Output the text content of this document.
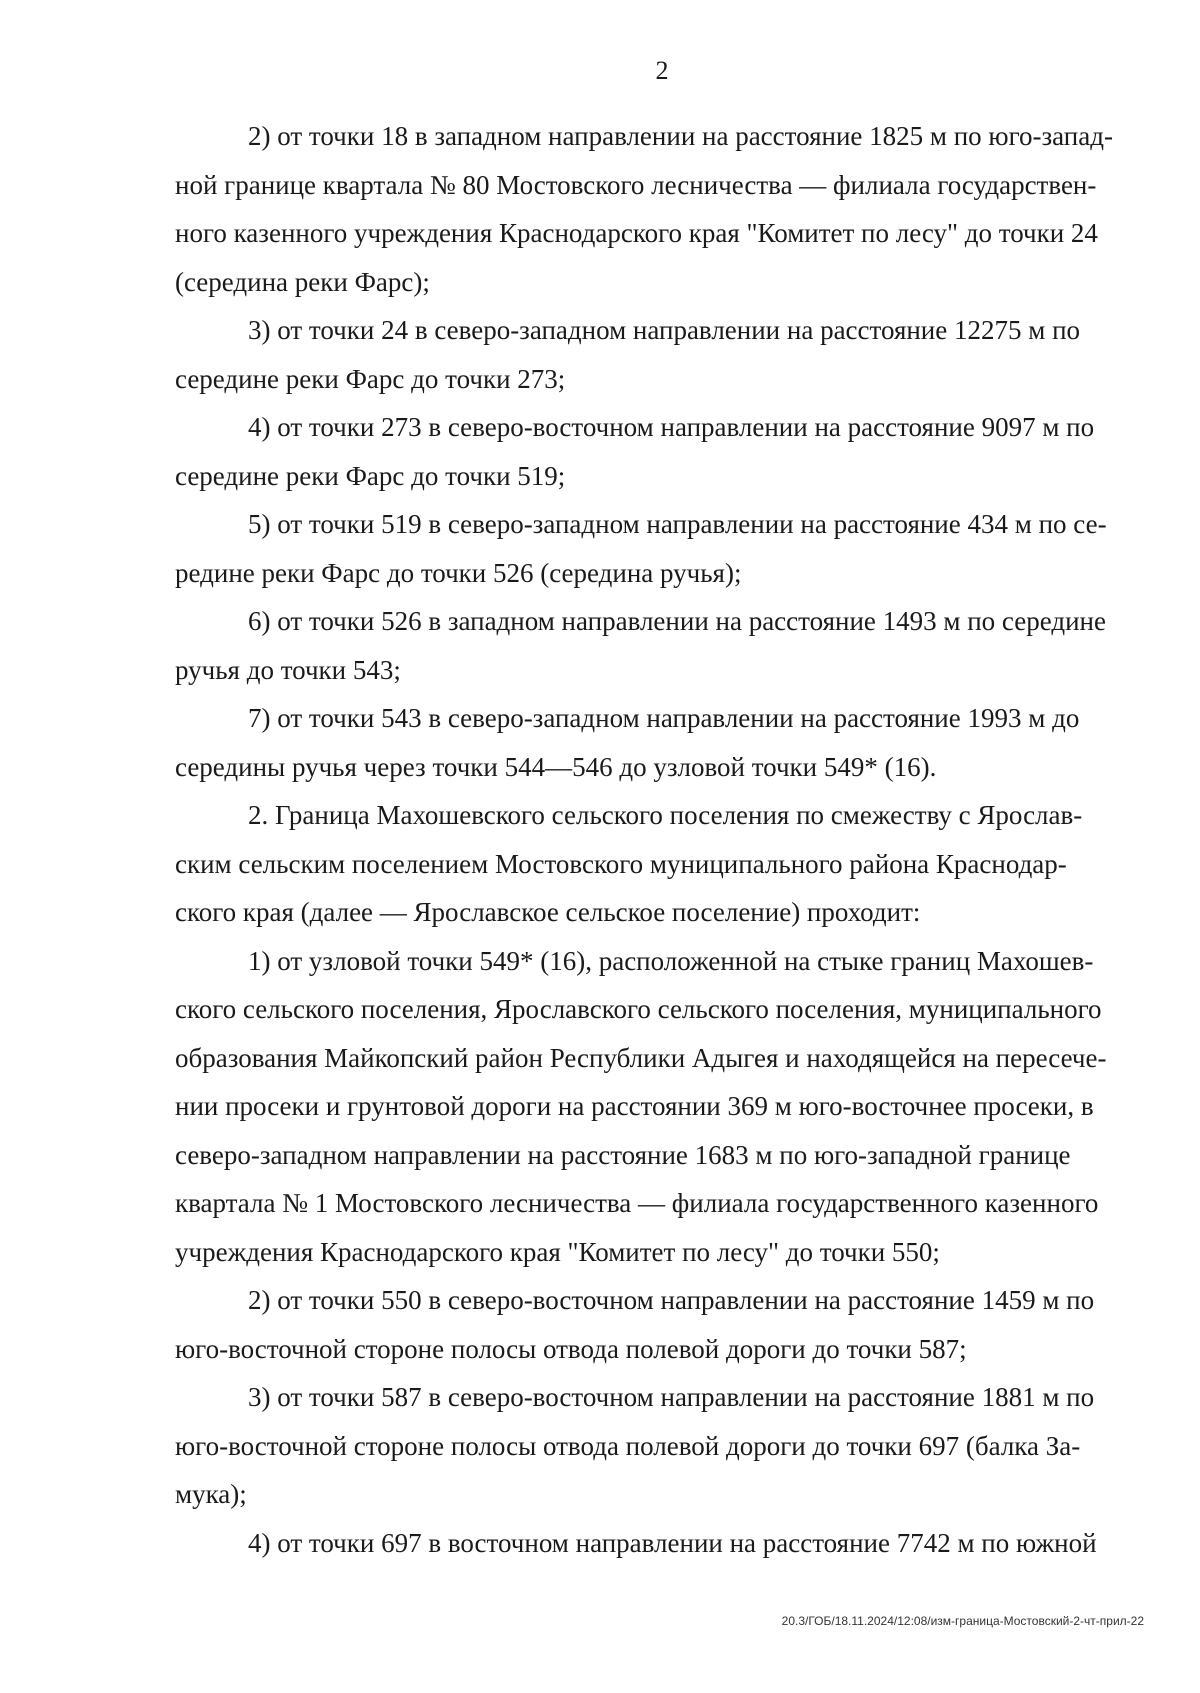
2

2) от точки 18 в западном направлении на расстояние 1825 м по юго-запад-
ной границе квартала № 80 Мостовского лесничества — филиала государствен-
ного казенного учреждения Краснодарского края "Комитет по лесу" до точки 24
(середина реки Фарс);

3) от точки 24 в северо-западном направлении на расстояние 12275 м по
середине реки Фарс до точки 273;

4) от точки 273 в северо-восточном направлении на расстояние 9097 м по
середине реки Фарс до точки 519;

5) от точки 519 в северо-западном направлении на расстояние 434 м по се-
редине реки Фарс до точки 526 (середина ручья);

6) от точки 526 в западном направлении на расстояние 1493 м по середине
ручья до точки 543;

7) от точки 543 в северо-западном направлении на расстояние 1993 м до
середины ручья через точки 544—546 до узловой точки 549* (16).

2. Граница Махошевского сельского поселения по смежеству с Ярослав-
ским сельским поселением Мостовского муниципального района Краснодар-
ского края (далее — Ярославское сельское поселение) проходит:

1) от узловой точки 549* (16), расположенной на стыке границ Махошев-
ского сельского поселения, Ярославского сельского поселения, муниципального
образования Майкопский район Республики Адыгея и находящейся на пересече-
нии просеки и грунтовой дороги на расстоянии 369 м юго-восточнее просеки, в
северо-западном направлении на расстояние 1683 м по юго-западной границе
квартала № 1 Мостовского лесничества — филиала государственного казенного
учреждения Краснодарского края "Комитет по лесу" до точки 550;

2) от точки 550 в северо-восточном направлении на расстояние 1459 м по
юго-восточной стороне полосы отвода полевой дороги до точки 587;

3) от точки 587 в северо-восточном направлении на расстояние 1881 м по
юго-восточной стороне полосы отвода полевой дороги до точки 697 (балка За-
мука);

4) от точки 697 в восточном направлении на расстояние 7742 м по южной

20.3/ГОБ/18.11.2024/12:08/изм-граница-Мостовский-2-чт-прил-22
